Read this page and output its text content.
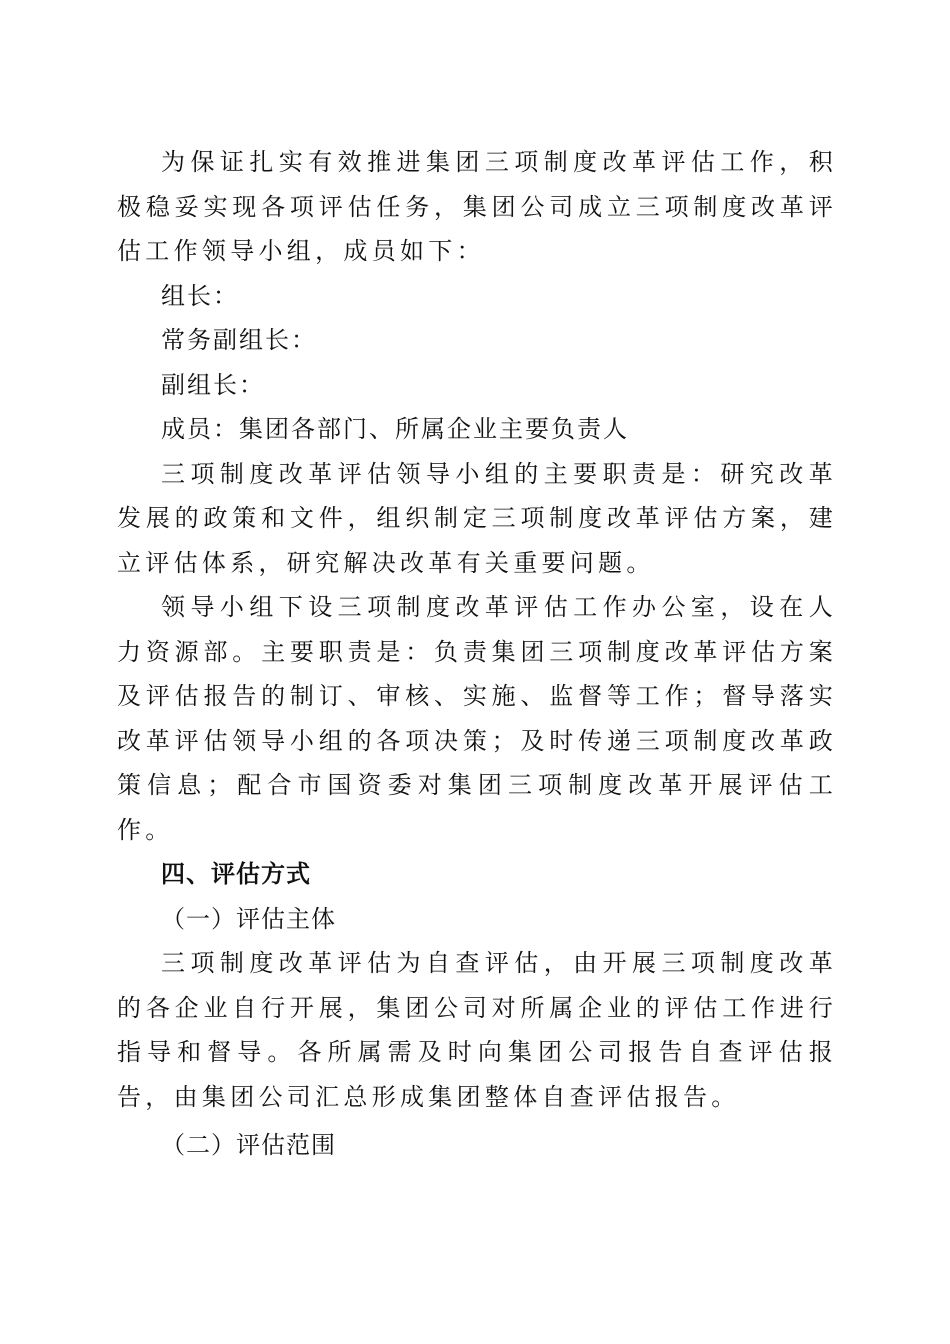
为保证扎实有效推进集团三项制度改革评估工作，积极稳妥实现各项评估任务，集团公司成立三项制度改革评估工作领导小组，成员如下：

组长：

常务副组长：

副组长：

成员：集团各部门、所属企业主要负责人

三项制度改革评估领导小组的主要职责是：研究改革发展的政策和文件，组织制定三项制度改革评估方案，建立评估体系，研究解决改革有关重要问题。

领导小组下设三项制度改革评估工作办公室，设在人力资源部。主要职责是：负责集团三项制度改革评估方案及评估报告的制订、审核、实施、监督等工作；督导落实改革评估领导小组的各项决策；及时传递三项制度改革政策信息；配合市国资委对集团三项制度改革开展评估工作。

四、评估方式

（一）评估主体

三项制度改革评估为自查评估，由开展三项制度改革的各企业自行开展，集团公司对所属企业的评估工作进行指导和督导。各所属需及时向集团公司报告自查评估报告，由集团公司汇总形成集团整体自查评估报告。

（二）评估范围
